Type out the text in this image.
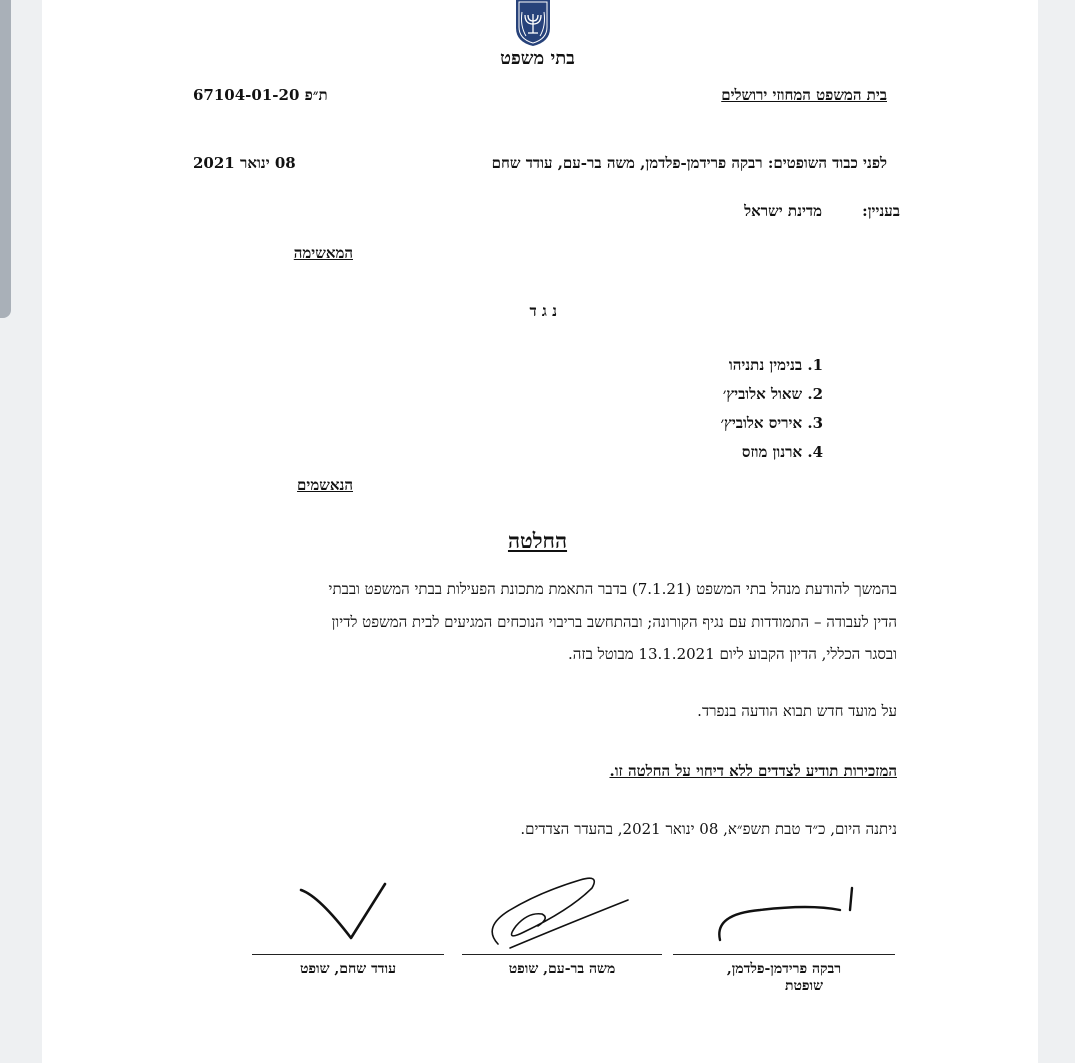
בתי משפט
בית המשפט המחוזי ירושלים
ת״פ 67104-01-20
לפני כבוד השופטים: רבקה פרידמן-פלדמן, משה בר-עם, עודד שחם
08 ינואר 2021
בעניין:
מדינת ישראל
המאשימה
נ ג ד
1. בנימין נתניהו
2. שאול אלוביץ׳
3. איריס אלוביץ׳
4. ארנון מוזס
הנאשמים
החלטה
בהמשך להודעת מנהל בתי המשפט (7.1.21) בדבר התאמת מתכונת הפעילות בבתי המשפט ובבתי
הדין לעבודה – התמודדות עם נגיף הקורונה; ובהתחשב בריבוי הנוכחים המגיעים לבית המשפט לדיון
ובסגר הכללי, הדיון הקבוע ליום 13.1.2021 מבוטל בזה.
על מועד חדש תבוא הודעה בנפרד.
המזכירות תודיע לצדדים ללא דיחוי על החלטה זו.
ניתנה היום, כ״ד טבת תשפ״א, 08 ינואר 2021, בהעדר הצדדים.
רבקה פרידמן-פלדמן,
שופטת
משה בר-עם, שופט
עודד שחם, שופט
